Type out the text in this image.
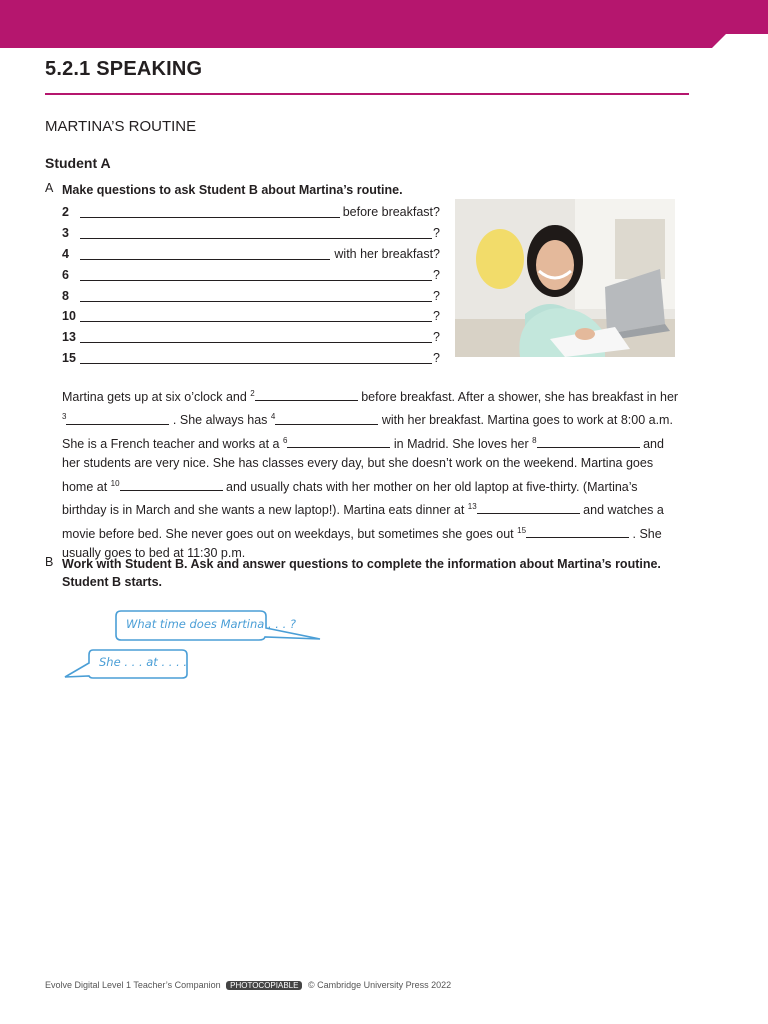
5.2.1 SPEAKING
MARTINA’S ROUTINE
Student A
A Make questions to ask Student B about Martina’s routine.
2	before breakfast?
3	?
4	with her breakfast?
6	?
8	?
10	?
13	?
15	?
Martina gets up at six o’clock and $^2$	before breakfast. After a shower, she has breakfast in her $^3$	. She always has $^4$	with her breakfast. Martina goes to work at 8:00 a.m. She is a French teacher and works at a $^6$	in Madrid. She loves her $^8$	and her students are very nice. She has classes every day, but she doesn’t work on the weekend. Martina goes home at $^{10}$	and usually chats with her mother on her old laptop at five-thirty. (Martina’s birthday is in March and she wants a new laptop!). Martina eats dinner at $^{13}$	and watches a movie before bed. She never goes out on weekdays, but sometimes she goes out $^{15}$	. She usually goes to bed at 11:30 p.m.
B Work with Student B. Ask and answer questions to complete the information about Martina’s routine. Student B starts.
What time does Martina . . . ?
She . . . at . . . .
Evolve Digital Level 1 Teacher’s Companion PHOTOCOPIABLE © Cambridge University Press 2022
